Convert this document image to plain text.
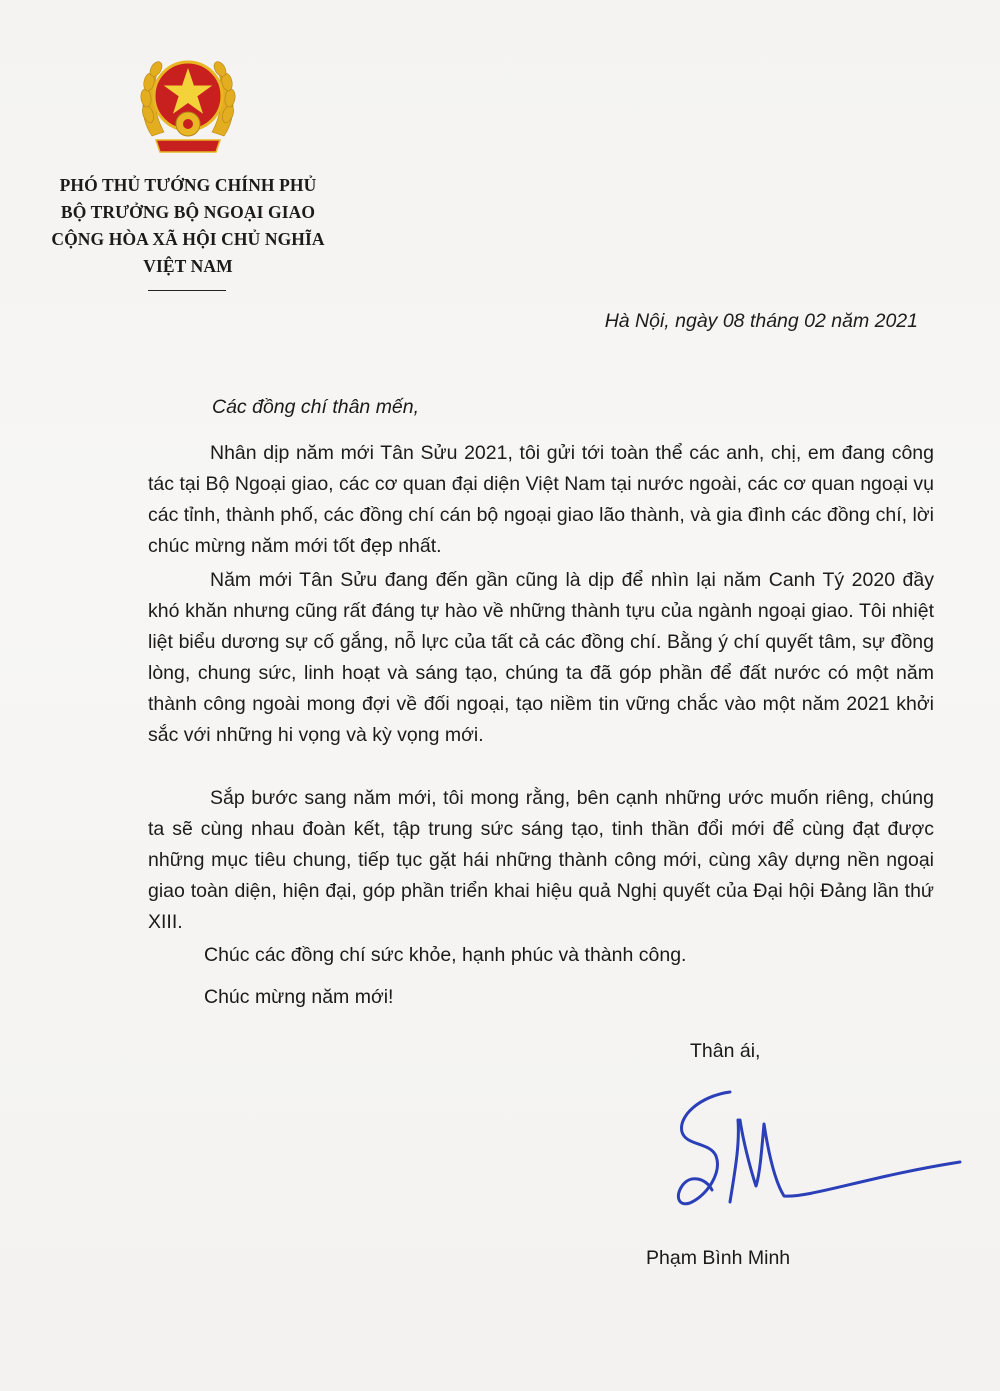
PHÓ THỦ TƯỚNG CHÍNH PHỦ
BỘ TRƯỞNG BỘ NGOẠI GIAO
CỘNG HÒA XÃ HỘI CHỦ NGHĨA
VIỆT NAM
Hà Nội, ngày 08 tháng 02 năm 2021
Các đồng chí thân mến,
Nhân dịp năm mới Tân Sửu 2021, tôi gửi tới toàn thể các anh, chị, em đang công tác tại Bộ Ngoại giao, các cơ quan đại diện Việt Nam tại nước ngoài, các cơ quan ngoại vụ các tỉnh, thành phố, các đồng chí cán bộ ngoại giao lão thành, và gia đình các đồng chí, lời chúc mừng năm mới tốt đẹp nhất.
Năm mới Tân Sửu đang đến gần cũng là dịp để nhìn lại năm Canh Tý 2020 đầy khó khăn nhưng cũng rất đáng tự hào về những thành tựu của ngành ngoại giao. Tôi nhiệt liệt biểu dương sự cố gắng, nỗ lực của tất cả các đồng chí. Bằng ý chí quyết tâm, sự đồng lòng, chung sức, linh hoạt và sáng tạo, chúng ta đã góp phần để đất nước có một năm thành công ngoài mong đợi về đối ngoại, tạo niềm tin vững chắc vào một năm 2021 khởi sắc với những hi vọng và kỳ vọng mới.
Sắp bước sang năm mới, tôi mong rằng, bên cạnh những ước muốn riêng, chúng ta sẽ cùng nhau đoàn kết, tập trung sức sáng tạo, tinh thần đổi mới để cùng đạt được những mục tiêu chung, tiếp tục gặt hái những thành công mới, cùng xây dựng nền ngoại giao toàn diện, hiện đại, góp phần triển khai hiệu quả Nghị quyết của Đại hội Đảng lần thứ XIII.
Chúc các đồng chí sức khỏe, hạnh phúc và thành công.
Chúc mừng năm mới!
Thân ái,
Phạm Bình Minh
